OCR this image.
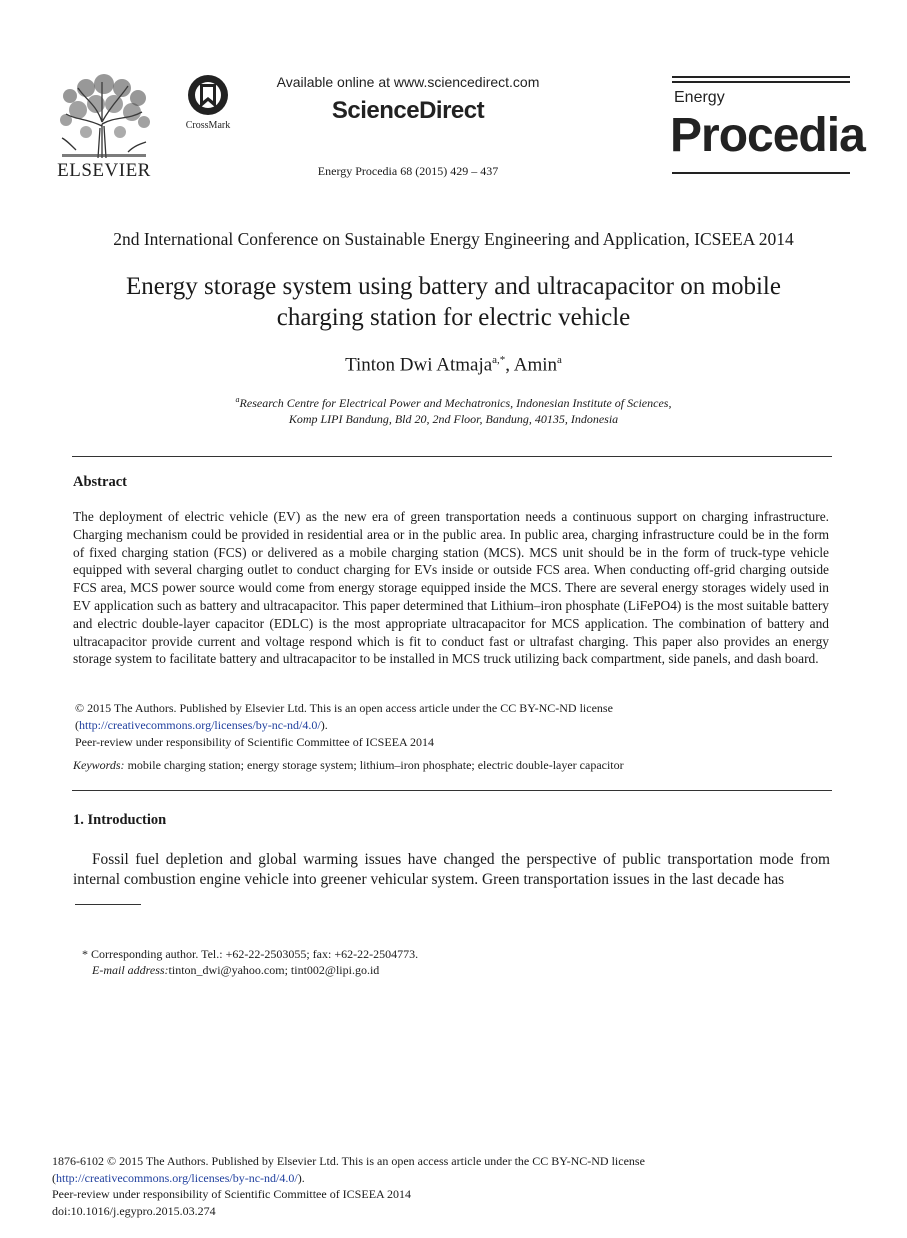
ELSEVIER
CrossMark
Available online at www.sciencedirect.com
ScienceDirect
Energy Procedia 68 (2015) 429 – 437
Energy
Procedia
2nd International Conference on Sustainable Energy Engineering and Application, ICSEEA 2014
Energy storage system using battery and ultracapacitor on mobile
charging station for electric vehicle
Tinton Dwi Atmaja$^{a,*}$, Amin$^a$
$^a$Research Centre for Electrical Power and Mechatronics, Indonesian Institute of Sciences,
Komp LIPI Bandung, Bld 20, 2nd Floor, Bandung, 40135, Indonesia
Abstract
The deployment of electric vehicle (EV) as the new era of green transportation needs a continuous support on charging infrastructure. Charging mechanism could be provided in residential area or in the public area. In public area, charging infrastructure could be in the form of fixed charging station (FCS) or delivered as a mobile charging station (MCS). MCS unit should be in the form of truck-type vehicle equipped with several charging outlet to conduct charging for EVs inside or outside FCS area. When conducting off-grid charging outside FCS area, MCS power source would come from energy storage equipped inside the MCS. There are several energy storages widely used in EV application such as battery and ultracapacitor. This paper determined that Lithium–iron phosphate (LiFePO4) is the most suitable battery and electric double-layer capacitor (EDLC) is the most appropriate ultracapacitor for MCS application. The combination of battery and ultracapacitor provide current and voltage respond which is fit to conduct fast or ultrafast charging. This paper also provides an energy storage system to facilitate battery and ultracapacitor to be installed in MCS truck utilizing back compartment, side panels, and dash board.
© 2015 The Authors. Published by Elsevier Ltd. This is an open access article under the CC BY-NC-ND license
(http://creativecommons.org/licenses/by-nc-nd/4.0/).
Peer-review under responsibility of Scientific Committee of ICSEEA 2014
Keywords: mobile charging station; energy storage system; lithium–iron phosphate; electric double-layer capacitor
1. Introduction

Fossil fuel depletion and global warming issues have changed the perspective of public transportation mode from internal combustion engine vehicle into greener vehicular system. Green transportation issues in the last decade has

* Corresponding author. Tel.: +62-22-2503055; fax: +62-22-2504773.
E-mail address:tinton_dwi@yahoo.com; tint002@lipi.go.id
1876-6102 © 2015 The Authors. Published by Elsevier Ltd. This is an open access article under the CC BY-NC-ND license
(http://creativecommons.org/licenses/by-nc-nd/4.0/).
Peer-review under responsibility of Scientific Committee of ICSEEA 2014
doi:10.1016/j.egypro.2015.03.274
